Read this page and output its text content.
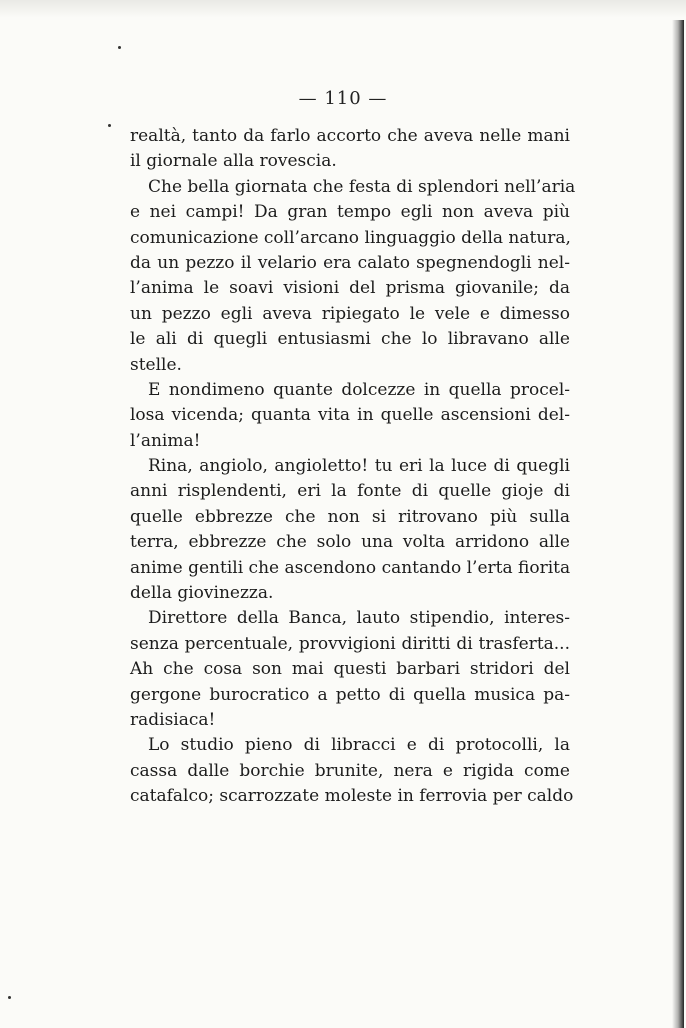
— 110 —
realtà, tanto da farlo accorto che aveva nelle mani
il giornale alla rovescia.
Che bella giornata che festa di splendori nell’aria
e nei campi! Da gran tempo egli non aveva più
comunicazione coll’arcano linguaggio della natura,
da un pezzo il velario era calato spegnendogli nel-
l’anima le soavi visioni del prisma giovanile; da
un pezzo egli aveva ripiegato le vele e dimesso
le ali di quegli entusiasmi che lo libravano alle
stelle.
E nondimeno quante dolcezze in quella procel-
losa vicenda; quanta vita in quelle ascensioni del-
l’anima!
Rina, angiolo, angioletto! tu eri la luce di quegli
anni risplendenti, eri la fonte di quelle gioje di
quelle ebbrezze che non si ritrovano più sulla
terra, ebbrezze che solo una volta arridono alle
anime gentili che ascendono cantando l’erta fiorita
della giovinezza.
Direttore della Banca, lauto stipendio, interes-
senza percentuale, provvigioni diritti di trasferta...
Ah che cosa son mai questi barbari stridori del
gergone burocratico a petto di quella musica pa-
radisiaca!
Lo studio pieno di libracci e di protocolli, la
cassa dalle borchie brunite, nera e rigida come
catafalco; scarrozzate moleste in ferrovia per caldo
